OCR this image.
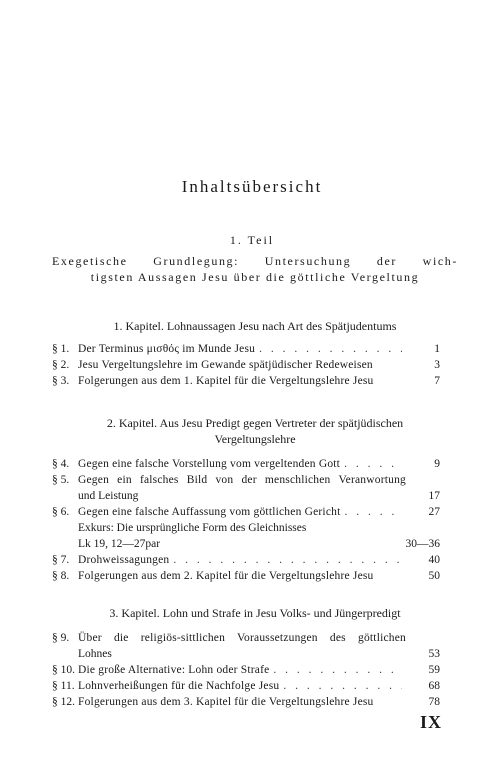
Inhaltsübersicht
1. Teil
Exegetische Grundlegung: Untersuchung der wich-
tigsten Aussagen Jesu über die göttliche Vergeltung
1. Kapitel. Lohnaussagen Jesu nach Art des Spätjudentums
§ 1. Der Terminus μισθός im Munde Jesu . . .	1
§ 2. Jesu Vergeltungslehre im Gewande spätjüdischer Redeweisen	3
§ 3. Folgerungen aus dem 1. Kapitel für die Vergeltungslehre Jesu	7
2. Kapitel. Aus Jesu Predigt gegen Vertreter der spätjüdischen
Vergeltungslehre
§ 4. Gegen eine falsche Vorstellung vom vergeltenden Gott . . .	9
§ 5. Gegen ein falsches Bild von der menschlichen Veranwortung
und Leistung	17
§ 6. Gegen eine falsche Auffassung vom göttlichen Gericht . . .	27
Exkurs: Die ursprüngliche Form des Gleichnisses
Lk 19, 12—27par	30—36
§ 7. Drohweissagungen . . .	40
§ 8. Folgerungen aus dem 2. Kapitel für die Vergeltungslehre Jesu	50
3. Kapitel. Lohn und Strafe in Jesu Volks- und Jüngerpredigt
§ 9. Über die religiös-sittlichen Voraussetzungen des göttlichen
Lohnes	53
§ 10. Die große Alternative: Lohn oder Strafe . . .	59
§ 11. Lohnverheißungen für die Nachfolge Jesu . . .	68
§ 12. Folgerungen aus dem 3. Kapitel für die Vergeltungslehre Jesu	78
IX
